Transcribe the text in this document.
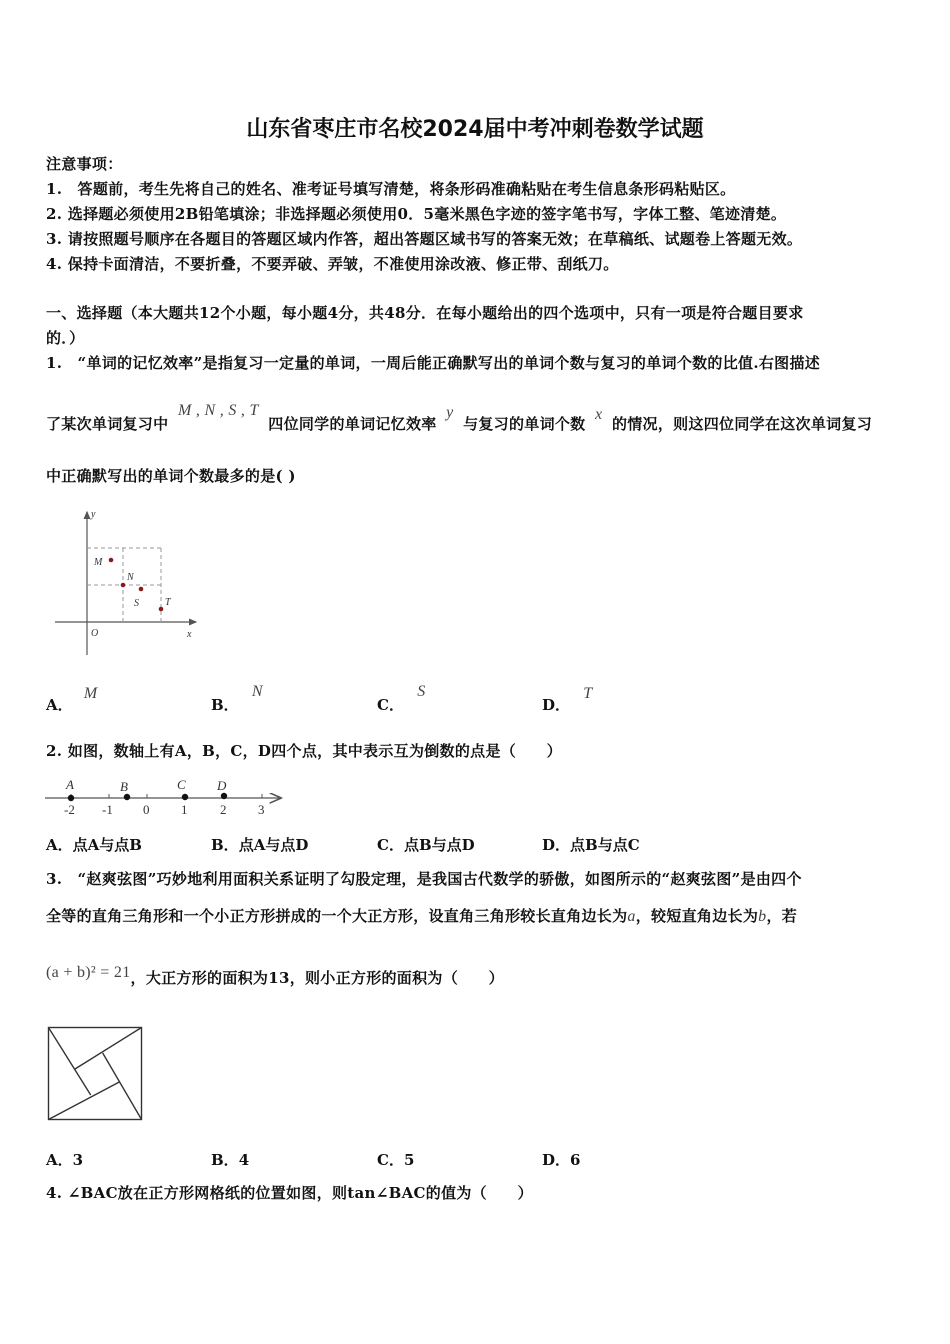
山东省枣庄市名校2024届中考冲刺卷数学试题
注意事项：
1.　答题前，考生先将自己的姓名、准考证号填写清楚，将条形码准确粘贴在考生信息条形码粘贴区。
2. 选择题必须使用2B铅笔填涂；非选择题必须使用0．5毫米黑色字迹的签字笔书写，字体工整、笔迹清楚。
3. 请按照题号顺序在各题目的答题区域内作答，超出答题区域书写的答案无效；在草稿纸、试题卷上答题无效。
4. 保持卡面清洁，不要折叠，不要弄破、弄皱，不准使用涂改液、修正带、刮纸刀。
一、选择题（本大题共12个小题，每小题4分，共48分．在每小题给出的四个选项中，只有一项是符合题目要求
的．）
1.　“单词的记忆效率”是指复习一定量的单词，一周后能正确默写出的单词个数与复习的单词个数的比值.右图描述
了某次单词复习中 M , N , S , T 四位同学的单词记忆效率 y 与复习的单词个数 x 的情况，则这四位同学在这次单词复习
中正确默写出的单词个数最多的是( )
M
N
S	T
y
x
O
A． M
B． N
C． S
D． T
2. 如图，数轴上有A，B，C，D四个点，其中表示互为倒数的点是（　　）
-2 -1 0 1	2 3
A	B	C D
A．点A与点B	B．点A与点D	C．点B与点D	D．点B与点C
3.　“赵爽弦图”巧妙地利用面积关系证明了勾股定理，是我国古代数学的骄傲，如图所示的“赵爽弦图”是由四个
全等的直角三角形和一个小正方形拼成的一个大正方形，设直角三角形较长直角边长为a，较短直角边长为b，若
(a + b)² = 21，大正方形的面积为13，则小正方形的面积为（　　）
A．3	B．4	C．5	D．6
4. ∠BAC放在正方形网格纸的位置如图，则tan∠BAC的值为（　　）
